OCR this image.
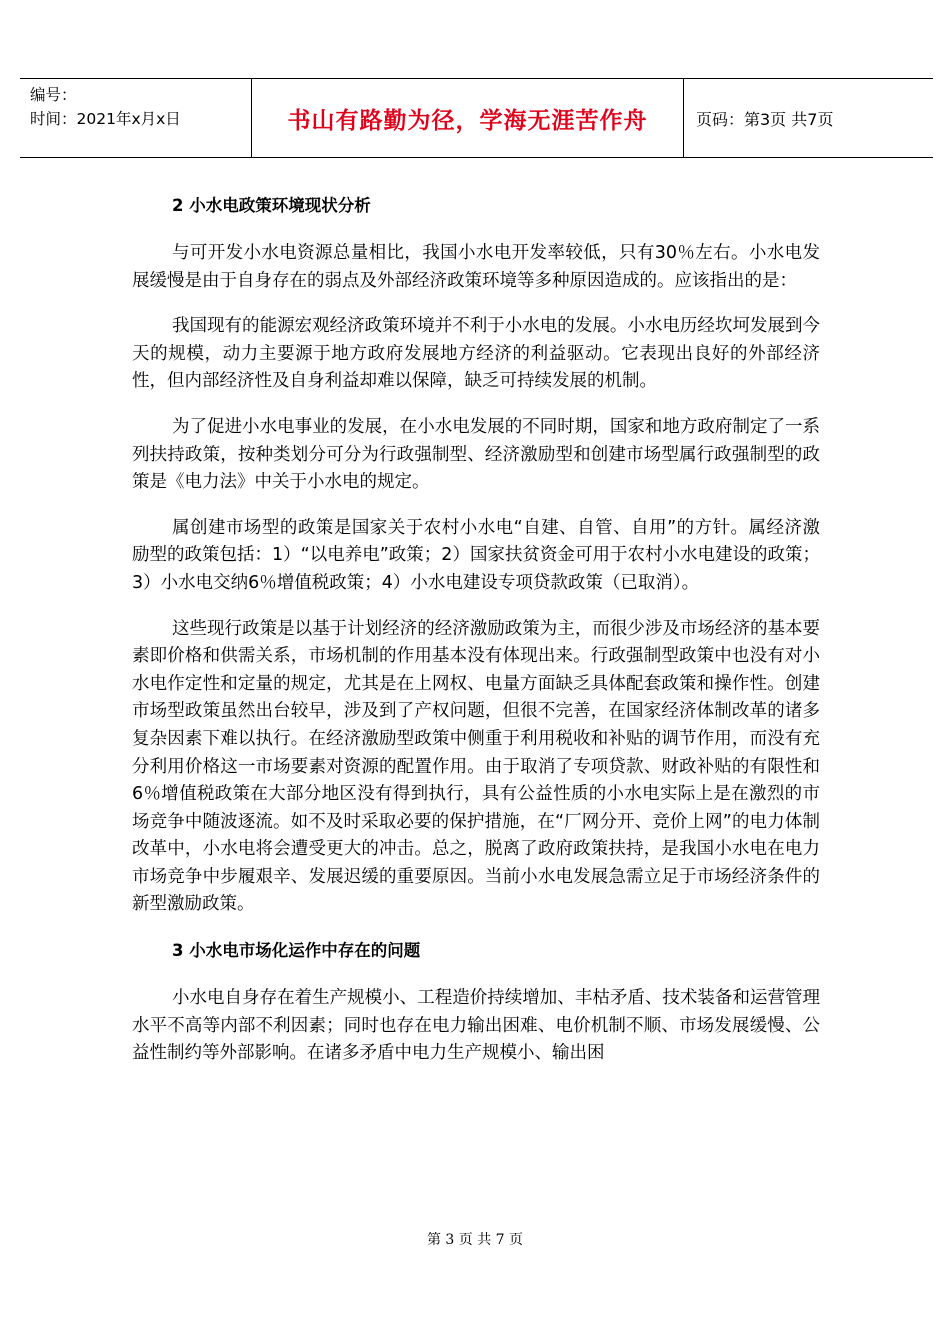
编号：
时间：2021年x月x日	书山有路勤为径，学海无涯苦作舟	页码：第3页 共7页
2 小水电政策环境现状分析

与可开发小水电资源总量相比，我国小水电开发率较低，只有30％左右。小水电发展缓慢是由于自身存在的弱点及外部经济政策环境等多种原因造成的。应该指出的是：

我国现有的能源宏观经济政策环境并不利于小水电的发展。小水电历经坎坷发展到今天的规模，动力主要源于地方政府发展地方经济的利益驱动。它表现出良好的外部经济性，但内部经济性及自身利益却难以保障，缺乏可持续发展的机制。

为了促进小水电事业的发展，在小水电发展的不同时期，国家和地方政府制定了一系列扶持政策，按种类划分可分为行政强制型、经济激励型和创建市场型属行政强制型的政策是《电力法》中关于小水电的规定。

属创建市场型的政策是国家关于农村小水电“自建、自管、自用”的方针。属经济激励型的政策包括：1）“以电养电”政策；2）国家扶贫资金可用于农村小水电建设的政策；3）小水电交纳6％增值税政策；4）小水电建设专项贷款政策（已取消）。

这些现行政策是以基于计划经济的经济激励政策为主，而很少涉及市场经济的基本要素即价格和供需关系，市场机制的作用基本没有体现出来。行政强制型政策中也没有对小水电作定性和定量的规定，尤其是在上网权、电量方面缺乏具体配套政策和操作性。创建市场型政策虽然出台较早，涉及到了产权问题，但很不完善，在国家经济体制改革的诸多复杂因素下难以执行。在经济激励型政策中侧重于利用税收和补贴的调节作用，而没有充分利用价格这一市场要素对资源的配置作用。由于取消了专项贷款、财政补贴的有限性和6％增值税政策在大部分地区没有得到执行，具有公益性质的小水电实际上是在激烈的市场竞争中随波逐流。如不及时采取必要的保护措施，在“厂网分开、竞价上网”的电力体制改革中，小水电将会遭受更大的冲击。总之，脱离了政府政策扶持，是我国小水电在电力市场竞争中步履艰辛、发展迟缓的重要原因。当前小水电发展急需立足于市场经济条件的新型激励政策。

3 小水电市场化运作中存在的问题

小水电自身存在着生产规模小、工程造价持续增加、丰枯矛盾、技术装备和运营管理水平不高等内部不利因素；同时也存在电力输出困难、电价机制不顺、市场发展缓慢、公益性制约等外部影响。在诸多矛盾中电力生产规模小、输出困

第 3 页 共 7 页
